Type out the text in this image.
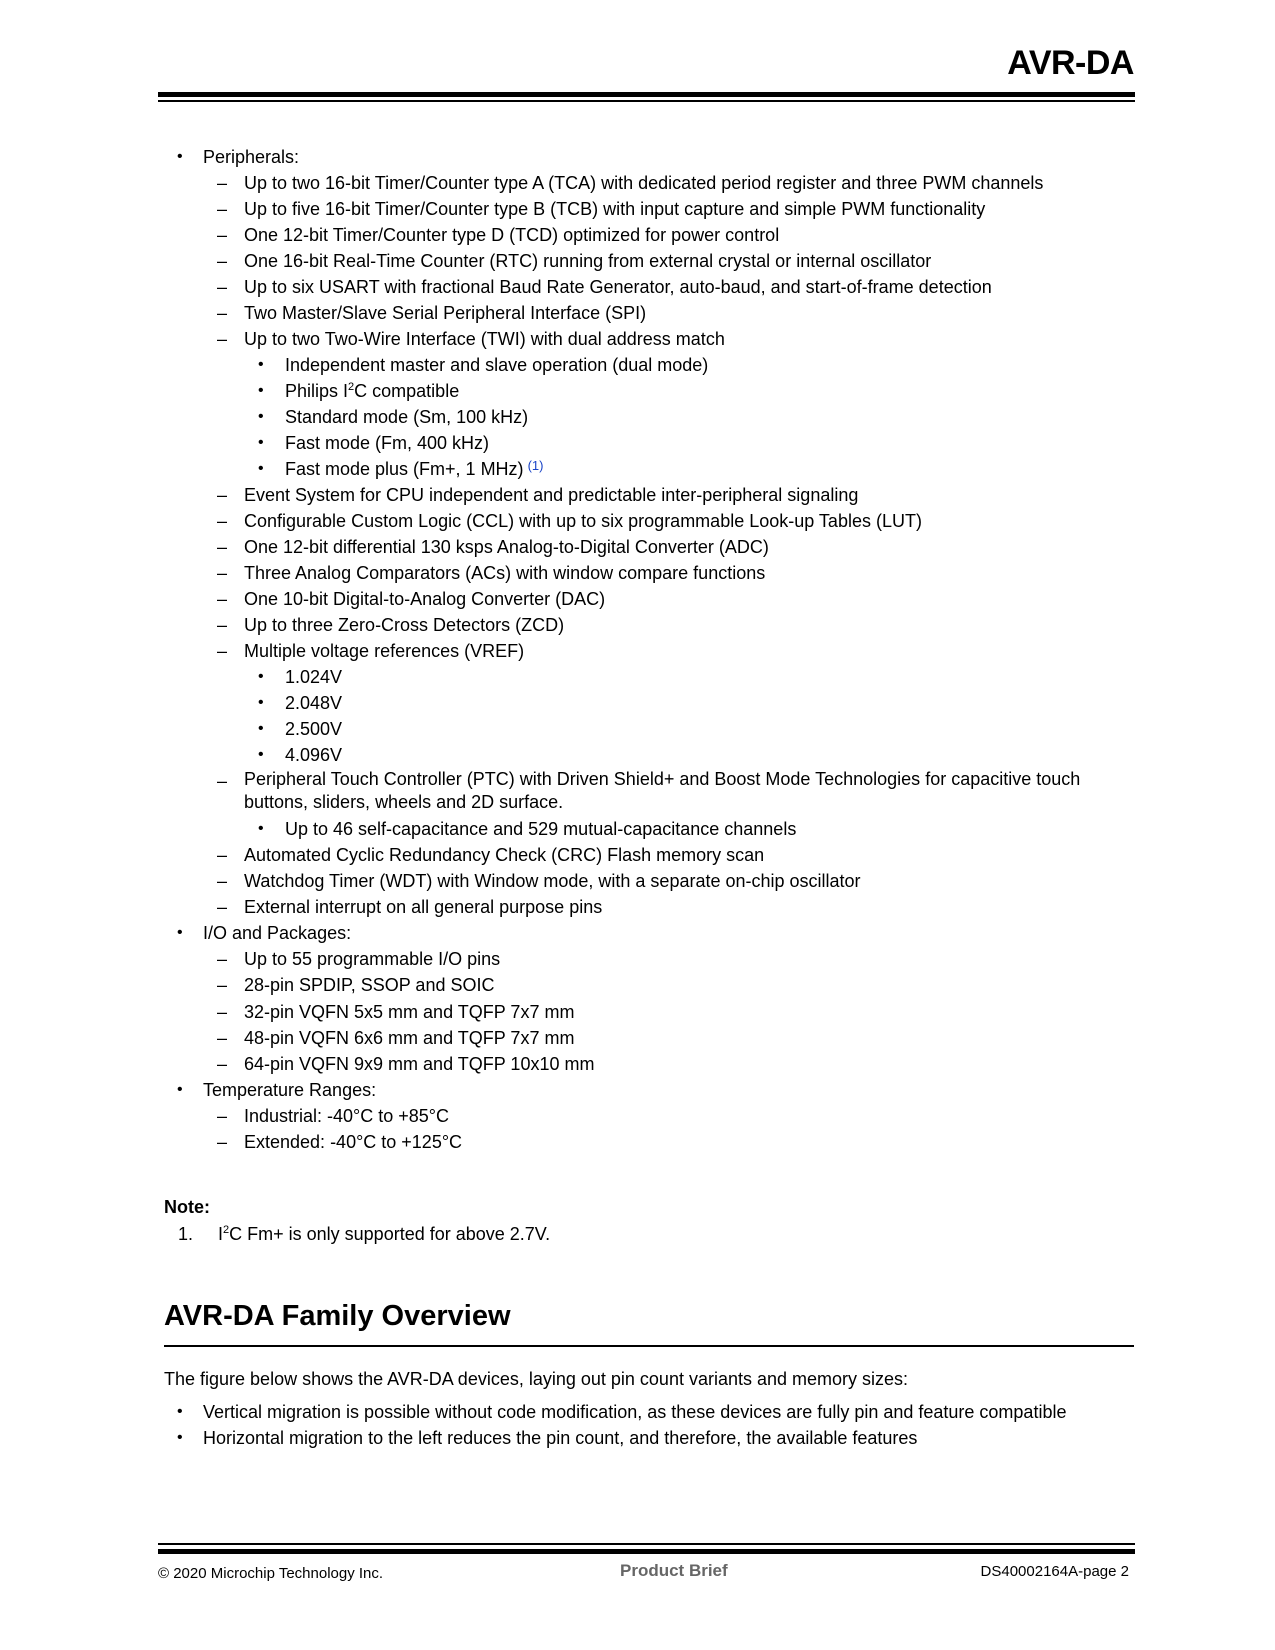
AVR-DA
• Peripherals:
– Up to two 16-bit Timer/Counter type A (TCA) with dedicated period register and three PWM channels
– Up to five 16-bit Timer/Counter type B (TCB) with input capture and simple PWM functionality
– One 12-bit Timer/Counter type D (TCD) optimized for power control
– One 16-bit Real-Time Counter (RTC) running from external crystal or internal oscillator
– Up to six USART with fractional Baud Rate Generator, auto-baud, and start-of-frame detection
– Two Master/Slave Serial Peripheral Interface (SPI)
– Up to two Two-Wire Interface (TWI) with dual address match
• Independent master and slave operation (dual mode)
• Philips $I^2C$ compatible
• Standard mode (Sm, 100 kHz)
• Fast mode (Fm, 400 kHz)
• Fast mode plus (Fm+, 1 MHz) $^{(1)}$
– Event System for CPU independent and predictable inter-peripheral signaling
– Configurable Custom Logic (CCL) with up to six programmable Look-up Tables (LUT)
– One 12-bit differential 130 ksps Analog-to-Digital Converter (ADC)
– Three Analog Comparators (ACs) with window compare functions
– One 10-bit Digital-to-Analog Converter (DAC)
– Up to three Zero-Cross Detectors (ZCD)
– Multiple voltage references (VREF)
• 1.024V
• 2.048V
• 2.500V
• 4.096V
– Peripheral Touch Controller (PTC) with Driven Shield+ and Boost Mode Technologies for capacitive touch buttons, sliders, wheels and 2D surface.
• Up to 46 self-capacitance and 529 mutual-capacitance channels
– Automated Cyclic Redundancy Check (CRC) Flash memory scan
– Watchdog Timer (WDT) with Window mode, with a separate on-chip oscillator
– External interrupt on all general purpose pins
• I/O and Packages:
– Up to 55 programmable I/O pins
– 28-pin SPDIP, SSOP and SOIC
– 32-pin VQFN 5x5 mm and TQFP 7x7 mm
– 48-pin VQFN 6x6 mm and TQFP 7x7 mm
– 64-pin VQFN 9x9 mm and TQFP 10x10 mm
• Temperature Ranges:
– Industrial: -40°C to +85°C
– Extended: -40°C to +125°C
Note:
1. $I^2C$ Fm+ is only supported for above 2.7V.
AVR-DA Family Overview
The figure below shows the AVR-DA devices, laying out pin count variants and memory sizes:
• Vertical migration is possible without code modification, as these devices are fully pin and feature compatible
• Horizontal migration to the left reduces the pin count, and therefore, the available features
© 2020 Microchip Technology Inc.	Product Brief	DS40002164A-page 2
